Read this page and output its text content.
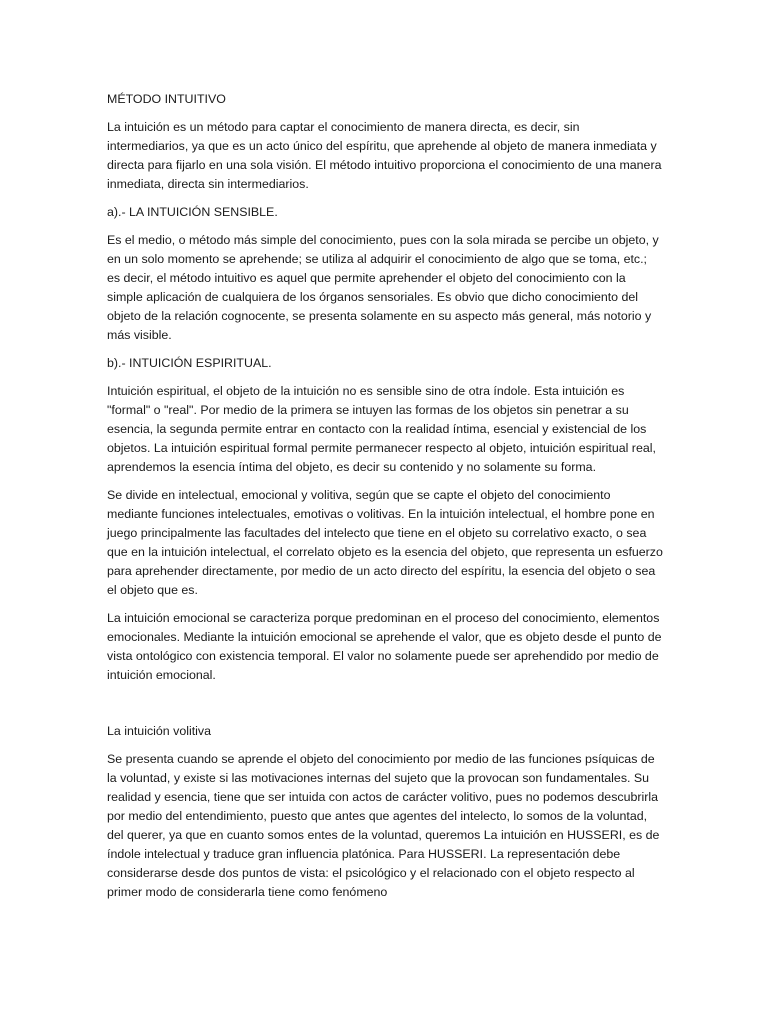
MÉTODO INTUITIVO

La intuición es un método para captar el conocimiento de manera directa, es decir, sin intermediarios, ya que es un acto único del espíritu, que aprehende al objeto de manera inmediata y directa para fijarlo en una sola visión. El método intuitivo proporciona el conocimiento de una manera inmediata, directa sin intermediarios.

a).- LA INTUICIÓN SENSIBLE.

Es el medio, o método más simple del conocimiento, pues con la sola mirada se percibe un objeto, y en un solo momento se aprehende; se utiliza al adquirir el conocimiento de algo que se toma, etc.; es decir, el método intuitivo es aquel que permite aprehender el objeto del conocimiento con la simple aplicación de cualquiera de los órganos sensoriales. Es obvio que dicho conocimiento del objeto de la relación cognocente, se presenta solamente en su aspecto más general, más notorio y más visible.

b).- INTUICIÓN ESPIRITUAL.

Intuición espiritual, el objeto de la intuición no es sensible sino de otra índole. Esta intuición es "formal" o "real". Por medio de la primera se intuyen las formas de los objetos sin penetrar a su esencia, la segunda permite entrar en contacto con la realidad íntima, esencial y existencial de los objetos. La intuición espiritual formal permite permanecer respecto al objeto, intuición espiritual real, aprendemos la esencia íntima del objeto, es decir su contenido y no solamente su forma.

Se divide en intelectual, emocional y volitiva, según que se capte el objeto del conocimiento mediante funciones intelectuales, emotivas o volitivas. En la intuición intelectual, el hombre pone en juego principalmente las facultades del intelecto que tiene en el objeto su correlativo exacto, o sea que en la intuición intelectual, el correlato objeto es la esencia del objeto, que representa un esfuerzo para aprehender directamente, por medio de un acto directo del espíritu, la esencia del objeto o sea el objeto que es.

La intuición emocional se caracteriza porque predominan en el proceso del conocimiento, elementos emocionales. Mediante la intuición emocional se aprehende el valor, que es objeto desde el punto de vista ontológico con existencia temporal. El valor no solamente puede ser aprehendido por medio de intuición emocional.

La intuición volitiva

Se presenta cuando se aprende el objeto del conocimiento por medio de las funciones psíquicas de la voluntad, y existe si las motivaciones internas del sujeto que la provocan son fundamentales. Su realidad y esencia, tiene que ser intuida con actos de carácter volitivo, pues no podemos descubrirla por medio del entendimiento, puesto que antes que agentes del intelecto, lo somos de la voluntad, del querer, ya que en cuanto somos entes de la voluntad, queremos La intuición en HUSSERI, es de índole intelectual y traduce gran influencia platónica. Para HUSSERI. La representación debe considerarse desde dos puntos de vista: el psicológico y el relacionado con el objeto respecto al primer modo de considerarla tiene como fenómeno
